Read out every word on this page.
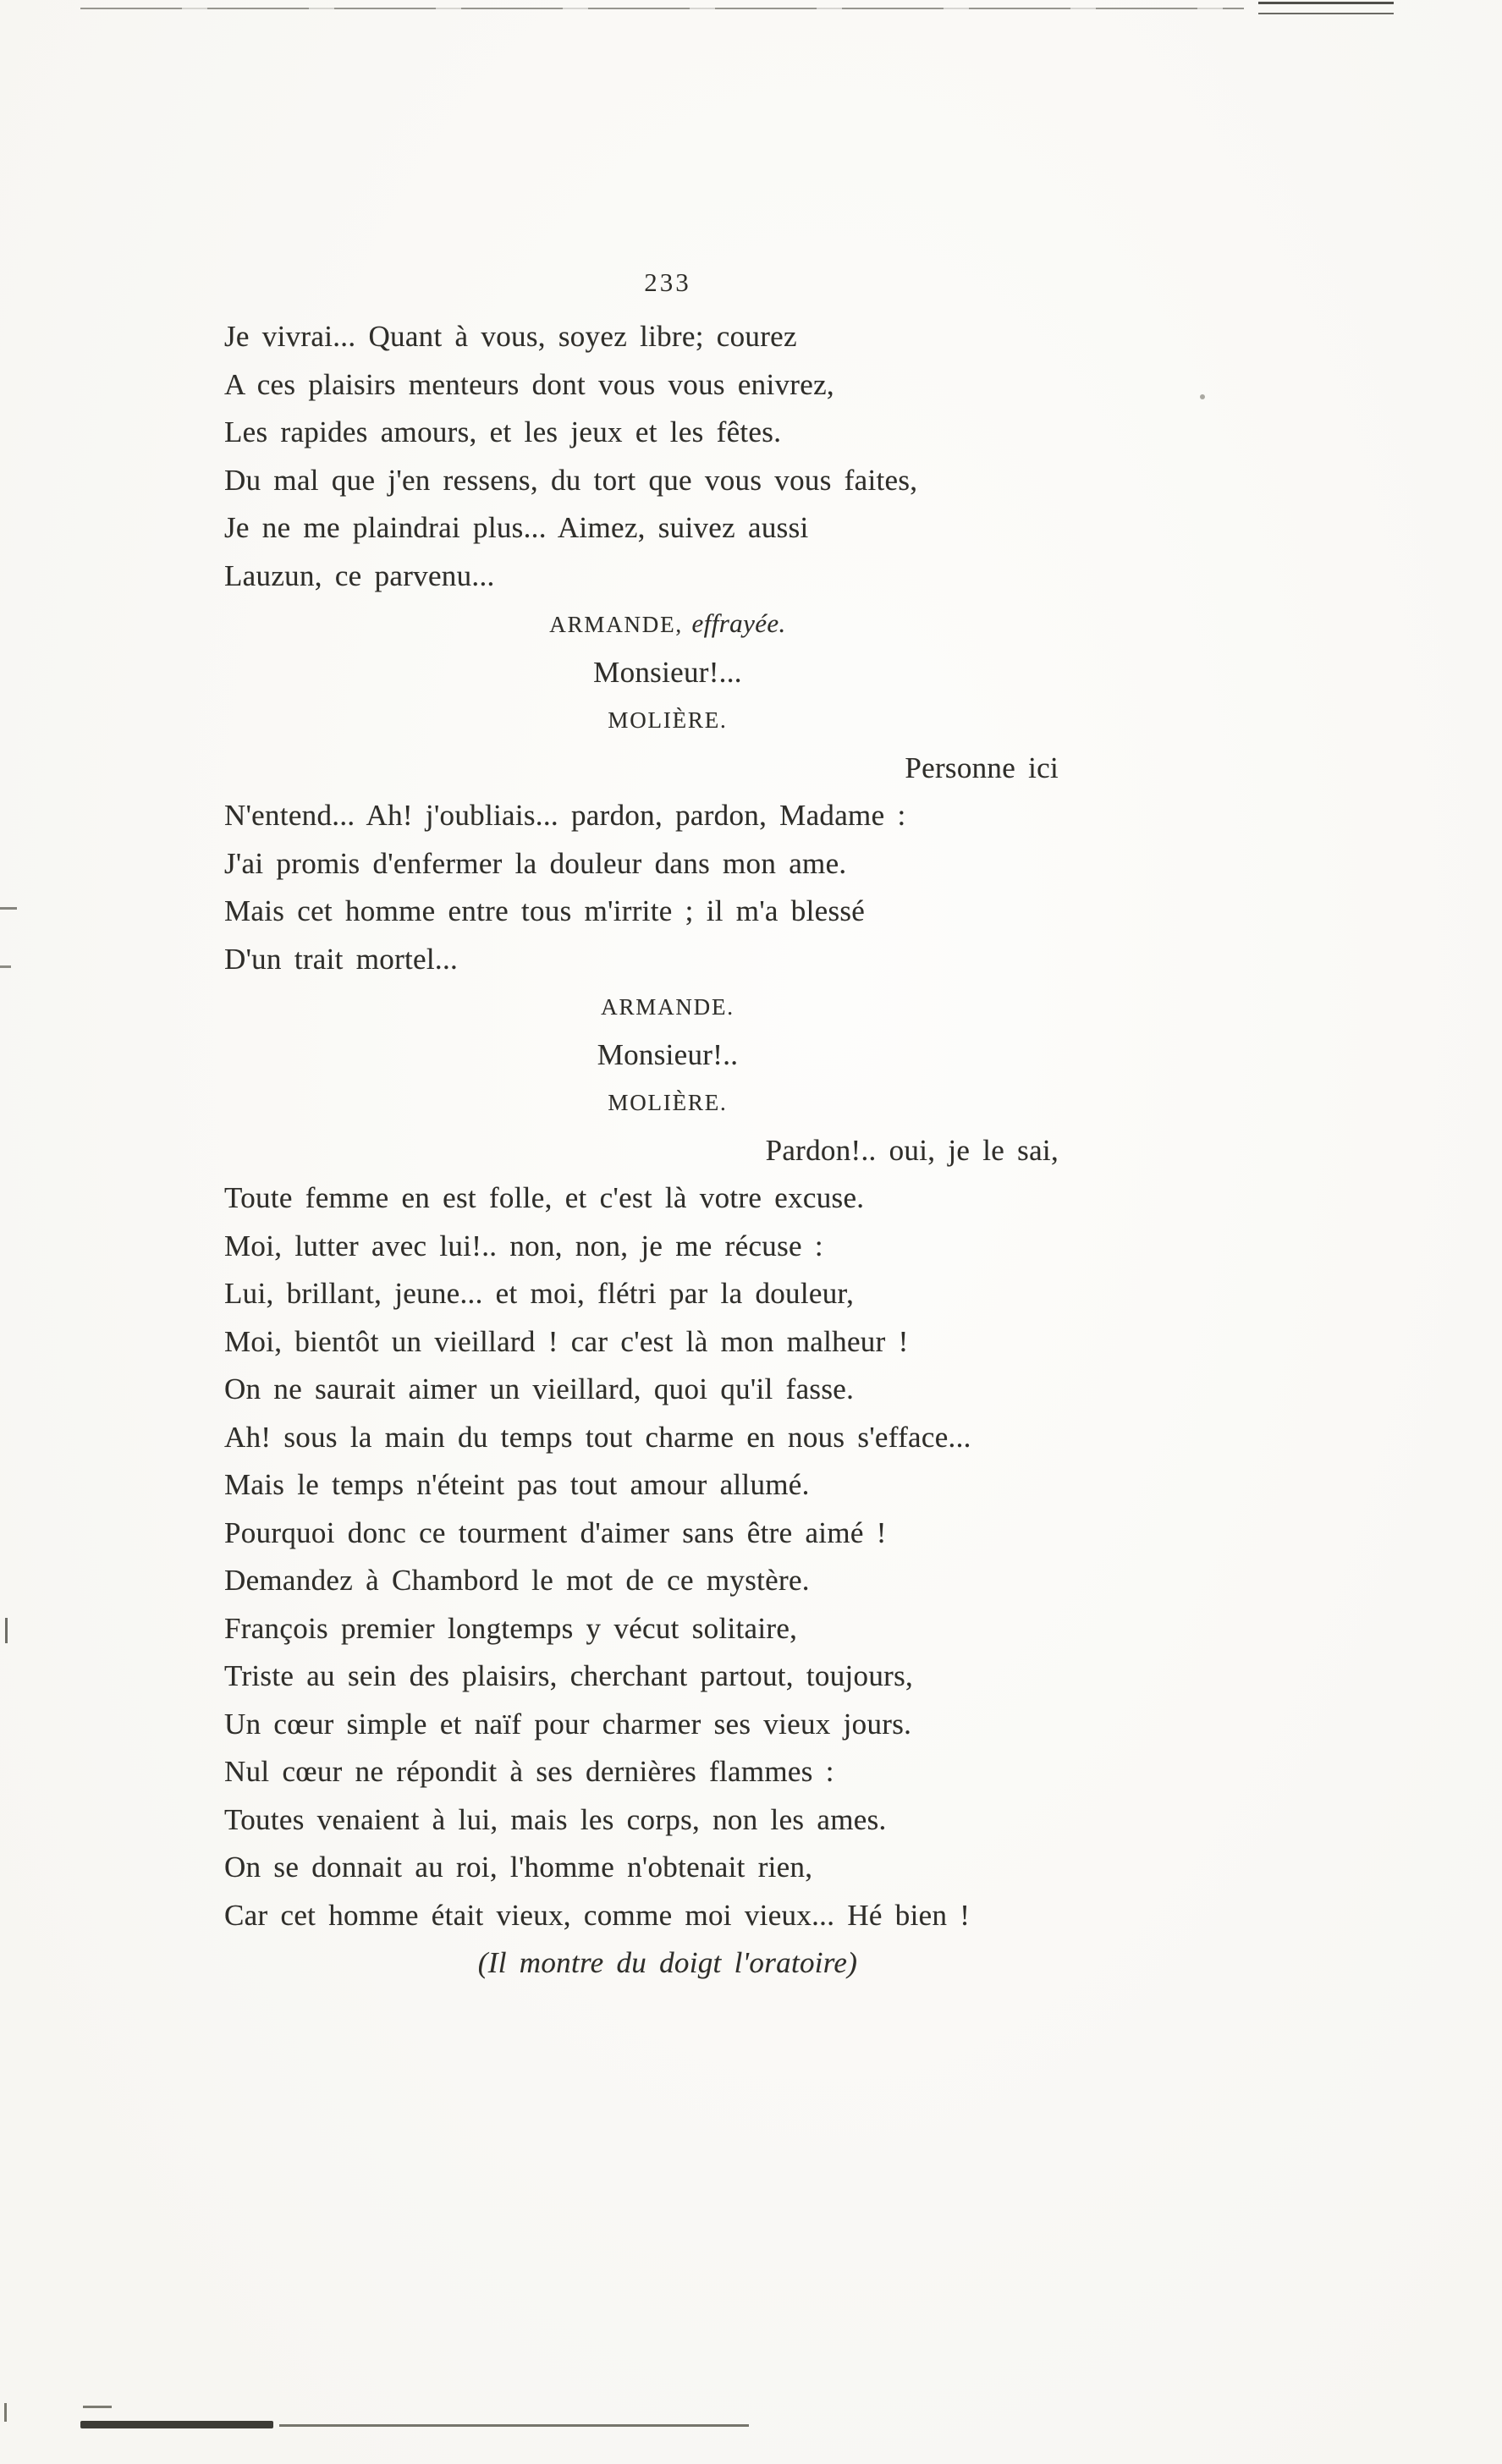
233
Je vivrai... Quant à vous, soyez libre; courez
A ces plaisirs menteurs dont vous vous enivrez,
Les rapides amours, et les jeux et les fêtes.
Du mal que j'en ressens, du tort que vous vous faites,
Je ne me plaindrai plus... Aimez, suivez aussi
Lauzun, ce parvenu...
ARMANDE, effrayée.
Monsieur!...
MOLIÈRE.
Personne ici
N'entend... Ah! j'oubliais... pardon, pardon, Madame :
J'ai promis d'enfermer la douleur dans mon ame.
Mais cet homme entre tous m'irrite ; il m'a blessé
D'un trait mortel...
ARMANDE.
Monsieur!..
MOLIÈRE.
Pardon!.. oui, je le sai,
Toute femme en est folle, et c'est là votre excuse.
Moi, lutter avec lui!.. non, non, je me récuse :
Lui, brillant, jeune... et moi, flétri par la douleur,
Moi, bientôt un vieillard ! car c'est là mon malheur !
On ne saurait aimer un vieillard, quoi qu'il fasse.
Ah! sous la main du temps tout charme en nous s'efface...
Mais le temps n'éteint pas tout amour allumé.
Pourquoi donc ce tourment d'aimer sans être aimé !
Demandez à Chambord le mot de ce mystère.
François premier longtemps y vécut solitaire,
Triste au sein des plaisirs, cherchant partout, toujours,
Un cœur simple et naïf pour charmer ses vieux jours.
Nul cœur ne répondit à ses dernières flammes :
Toutes venaient à lui, mais les corps, non les ames.
On se donnait au roi, l'homme n'obtenait rien,
Car cet homme était vieux, comme moi vieux... Hé bien !
(Il montre du doigt l'oratoire)
